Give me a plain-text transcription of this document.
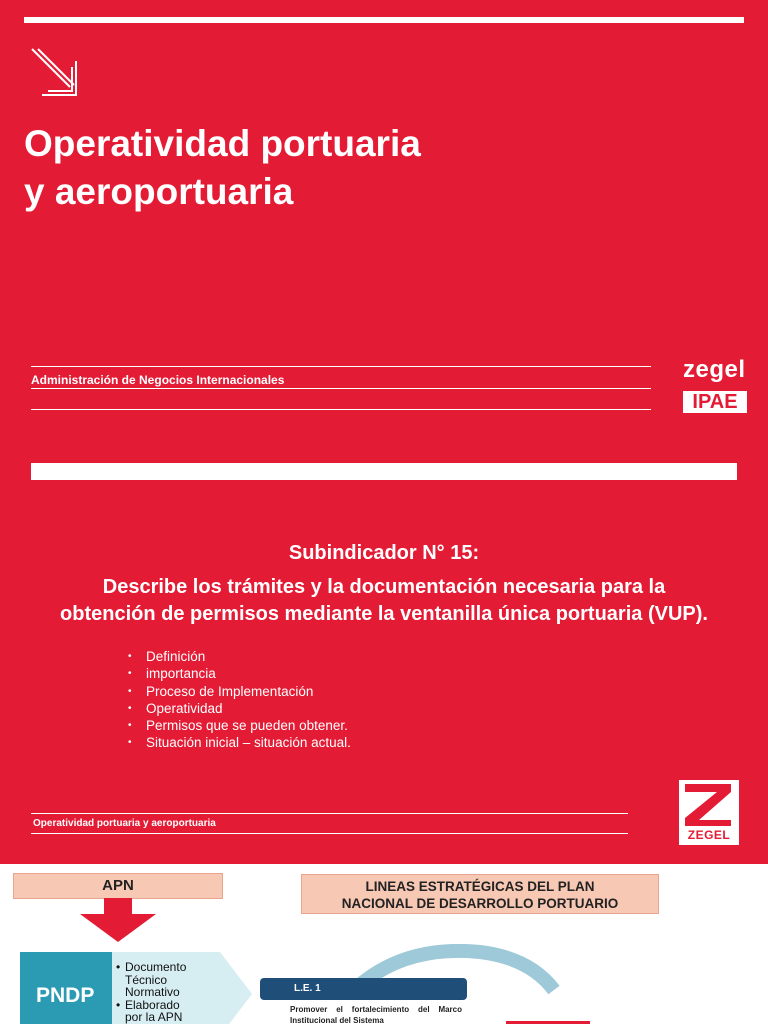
Operatividad portuaria
y aeroportuaria
Administración de Negocios Internacionales	zegel
IPAE
Subindicador N° 15:
Describe los trámites y la documentación necesaria para la
obtención de permisos mediante la ventanilla única portuaria (VUP).
• Definición
• importancia
• Proceso de Implementación
• Operatividad
• Permisos que se pueden obtener.
• Situación inicial – situación actual.
Operatividad portuaria y aeroportuaria
ZEGEL
APN	LINEAS ESTRATÉGICAS DEL PLAN
NACIONAL DE DESARROLLO PORTUARIO
PNDP
• Documento
Técnico
Normativo
• Elaborado
por la APN
L.E. 1
Promover el fortalecimiento del Marco Institucional del Sistema
